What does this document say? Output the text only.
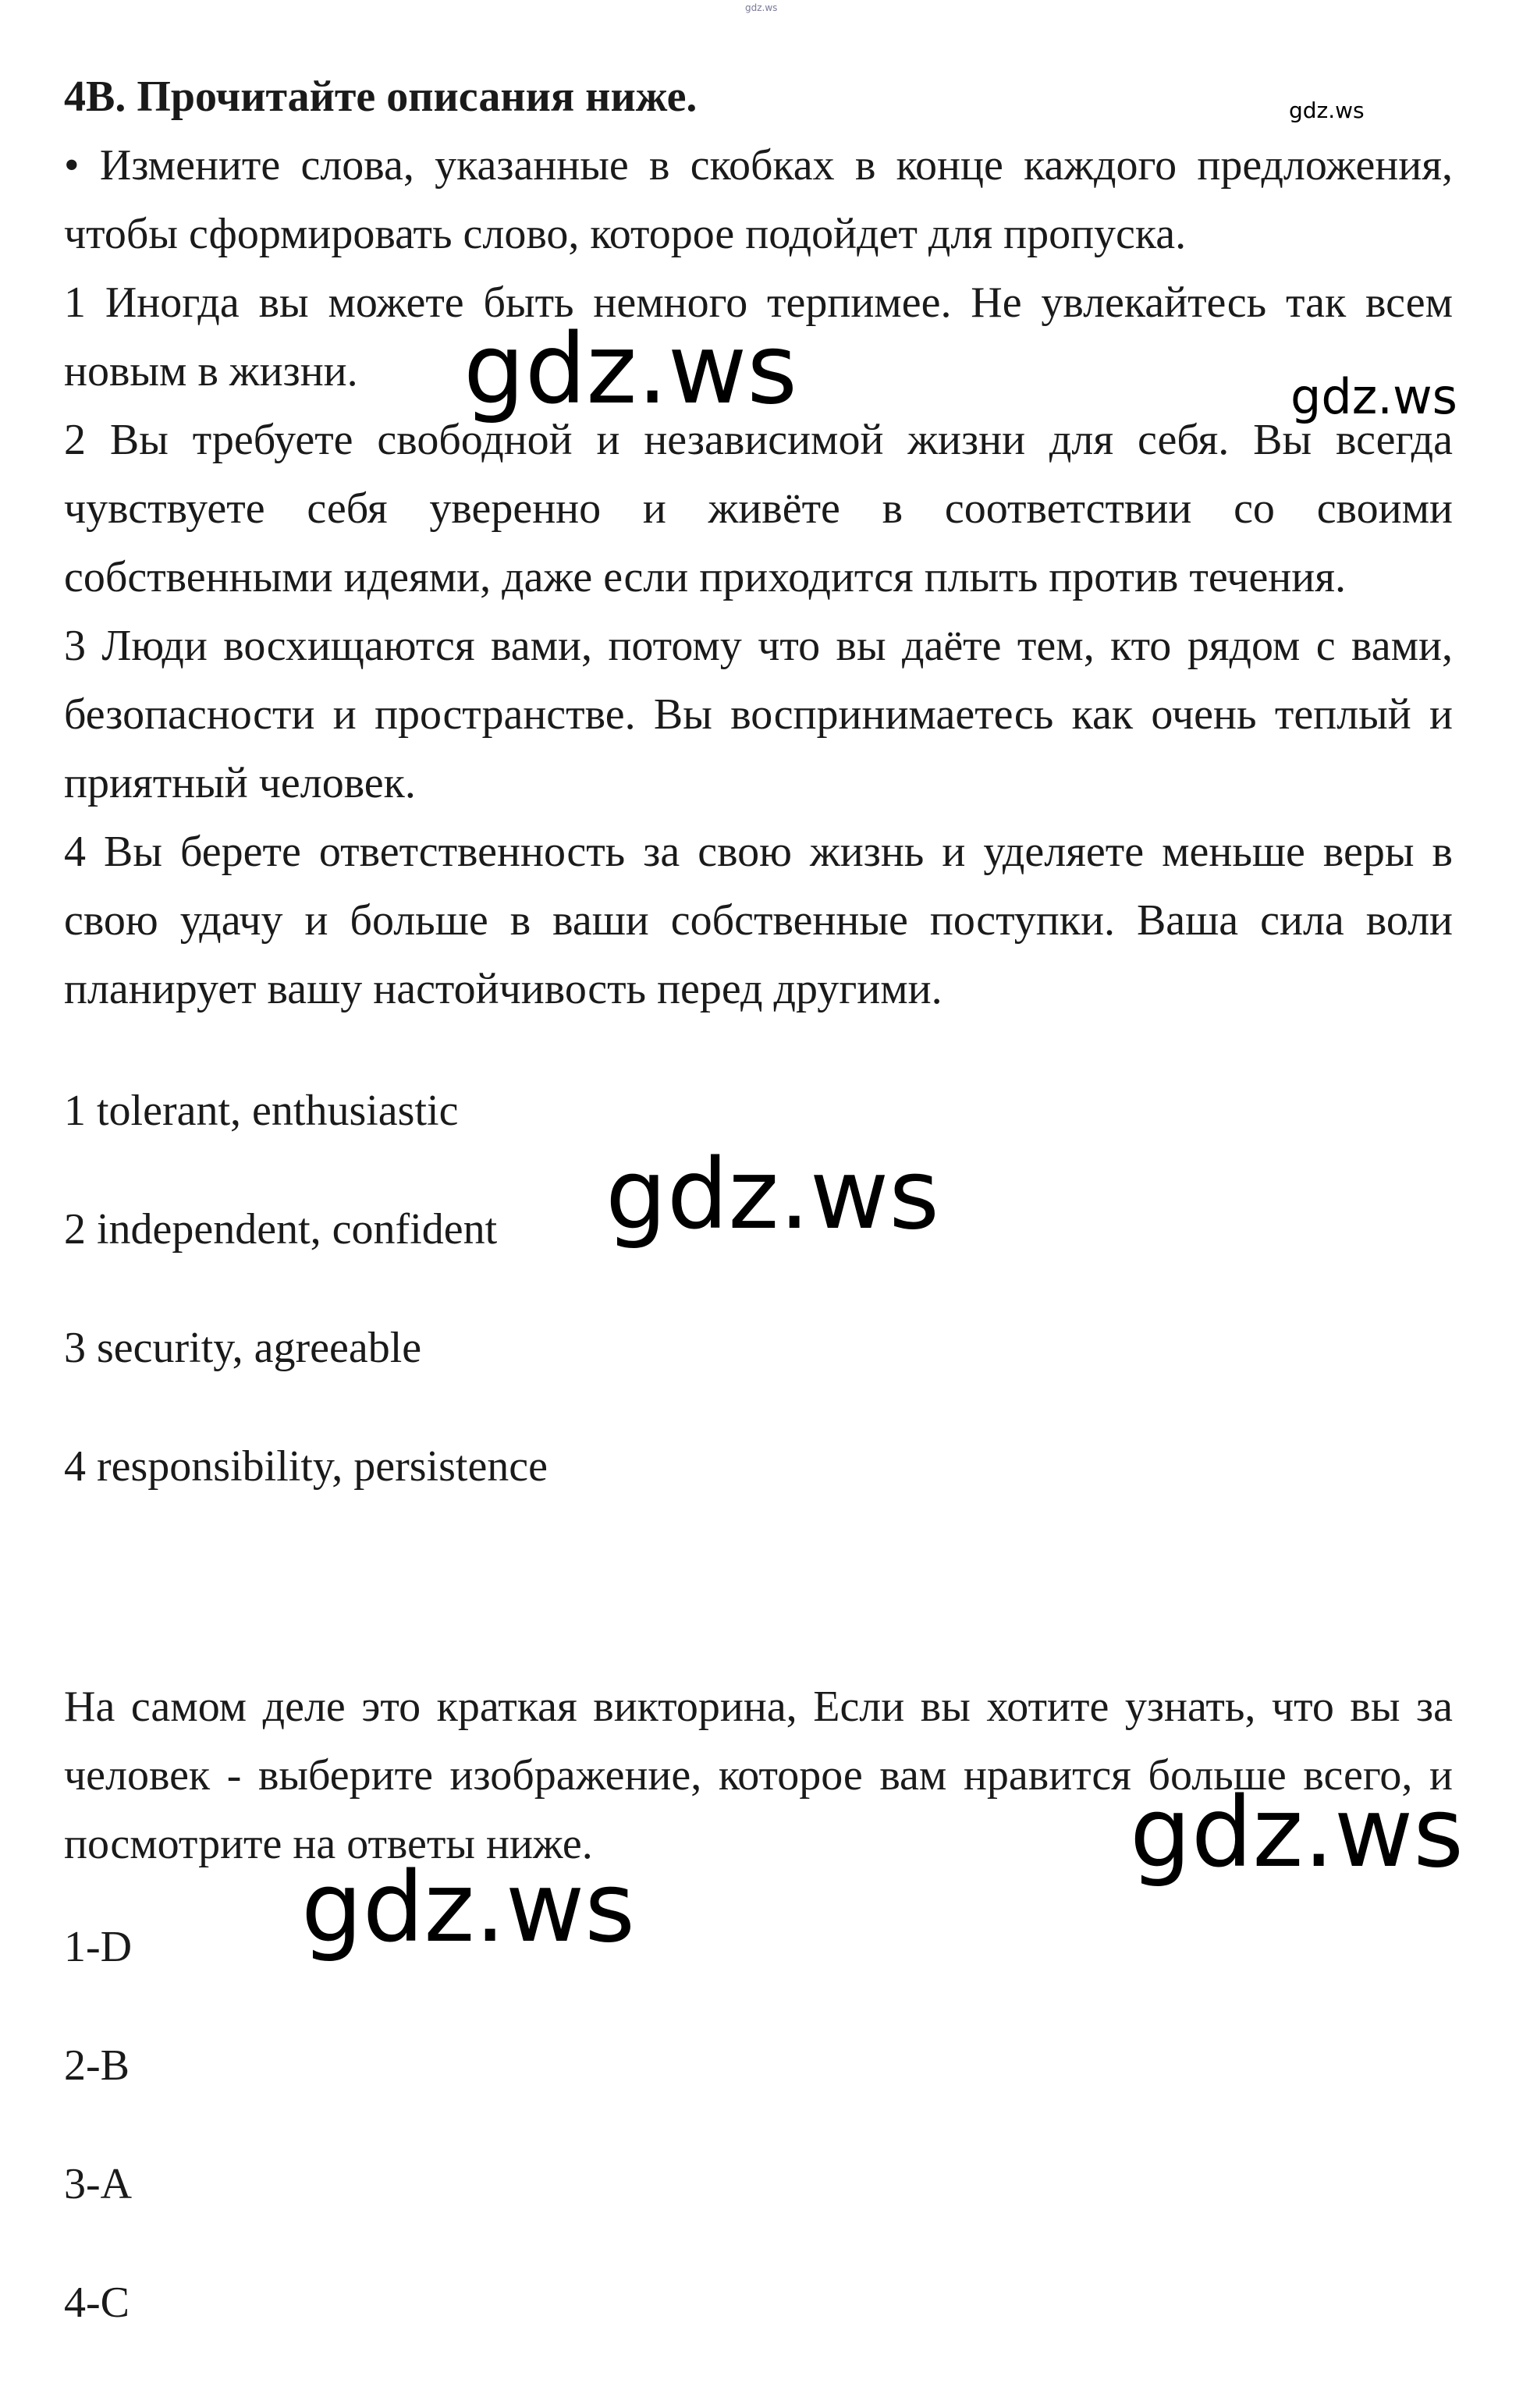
gdz.ws
4B. Прочитайте описания ниже.	gdz.ws
• Измените слова, указанные в скобках в конце каждого предложения, чтобы сформировать слово, которое подойдет для пропуска.
1 Иногда вы можете быть немного терпимее. Не увлекайтесь так всем новым в жизни.
2 Вы требуете свободной и независимой жизни для себя. Вы всегда чувствуете себя уверенно и живёте в соответствии со своими собственными идеями, даже если приходится плыть против течения.
3 Люди восхищаются вами, потому что вы даёте тем, кто рядом с вами, безопасности и пространстве. Вы воспринимаетесь как очень теплый и приятный человек.
4 Вы берете ответственность за свою жизнь и уделяете меньше веры в свою удачу и больше в ваши собственные поступки. Ваша сила воли планирует вашу настойчивость перед другими.
gdz.ws	gdz.ws
1 tolerant, enthusiastic
2 independent, confident
3 security, agreeable
4 responsibility, persistence
gdz.ws
На самом деле это краткая викторина, Если вы хотите узнать, что вы за человек - выберите изображение, которое вам нравится больше всего, и посмотрите на ответы ниже.	gdz.ws
gdz.ws
1-D
2-B
3-A
4-C
